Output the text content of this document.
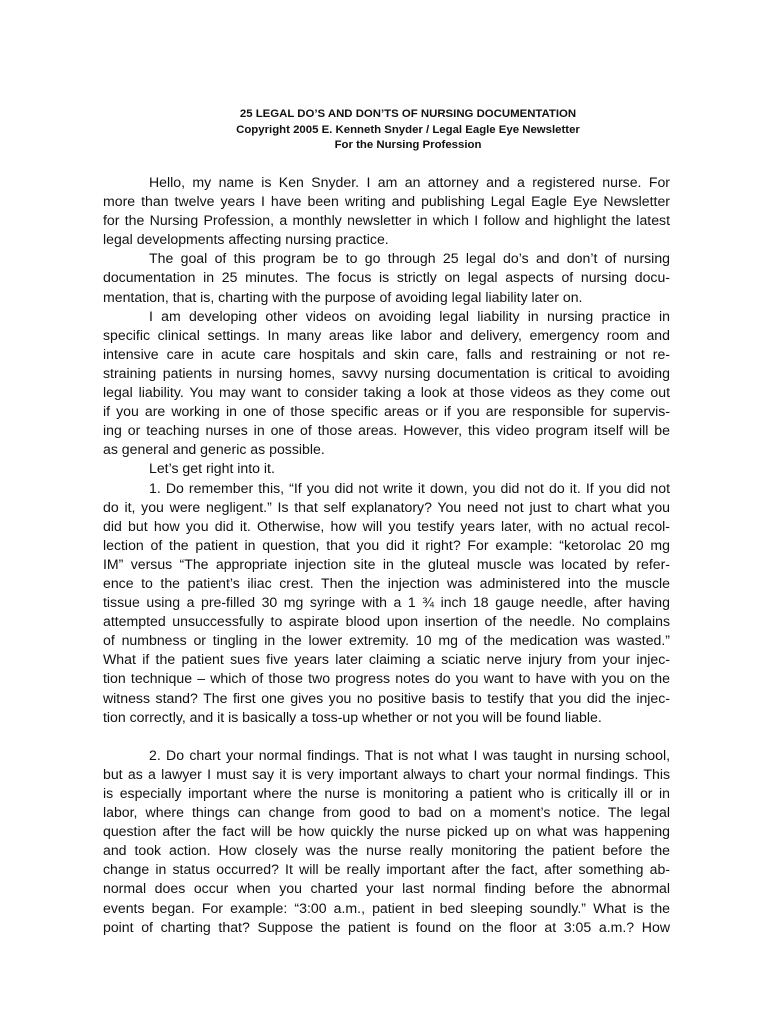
25 LEGAL DO’S AND DON’TS OF NURSING DOCUMENTATION
Copyright 2005 E. Kenneth Snyder / Legal Eagle Eye Newsletter
For the Nursing Profession
Hello, my name is Ken Snyder. I am an attorney and a registered nurse. For
more than twelve years I have been writing and publishing Legal Eagle Eye Newsletter
for the Nursing Profession, a monthly newsletter in which I follow and highlight the latest
legal developments affecting nursing practice.
The goal of this program be to go through 25 legal do’s and don’t of nursing
documentation in 25 minutes. The focus is strictly on legal aspects of nursing docu-
mentation, that is, charting with the purpose of avoiding legal liability later on.
I am developing other videos on avoiding legal liability in nursing practice in
specific clinical settings. In many areas like labor and delivery, emergency room and
intensive care in acute care hospitals and skin care, falls and restraining or not re-
straining patients in nursing homes, savvy nursing documentation is critical to avoiding
legal liability. You may want to consider taking a look at those videos as they come out
if you are working in one of those specific areas or if you are responsible for supervis-
ing or teaching nurses in one of those areas. However, this video program itself will be
as general and generic as possible.
Let’s get right into it.
1. Do remember this, “If you did not write it down, you did not do it. If you did not
do it, you were negligent.” Is that self explanatory? You need not just to chart what you
did but how you did it. Otherwise, how will you testify years later, with no actual recol-
lection of the patient in question, that you did it right? For example: “ketorolac 20 mg
IM” versus “The appropriate injection site in the gluteal muscle was located by refer-
ence to the patient’s iliac crest. Then the injection was administered into the muscle
tissue using a pre-filled 30 mg syringe with a 1 ¾ inch 18 gauge needle, after having
attempted unsuccessfully to aspirate blood upon insertion of the needle. No complains
of numbness or tingling in the lower extremity. 10 mg of the medication was wasted.”
What if the patient sues five years later claiming a sciatic nerve injury from your injec-
tion technique – which of those two progress notes do you want to have with you on the
witness stand? The first one gives you no positive basis to testify that you did the injec-
tion correctly, and it is basically a toss-up whether or not you will be found liable.
2. Do chart your normal findings. That is not what I was taught in nursing school,
but as a lawyer I must say it is very important always to chart your normal findings. This
is especially important where the nurse is monitoring a patient who is critically ill or in
labor, where things can change from good to bad on a moment’s notice. The legal
question after the fact will be how quickly the nurse picked up on what was happening
and took action. How closely was the nurse really monitoring the patient before the
change in status occurred? It will be really important after the fact, after something ab-
normal does occur when you charted your last normal finding before the abnormal
events began. For example: “3:00 a.m., patient in bed sleeping soundly.” What is the
point of charting that? Suppose the patient is found on the floor at 3:05 a.m.? How
